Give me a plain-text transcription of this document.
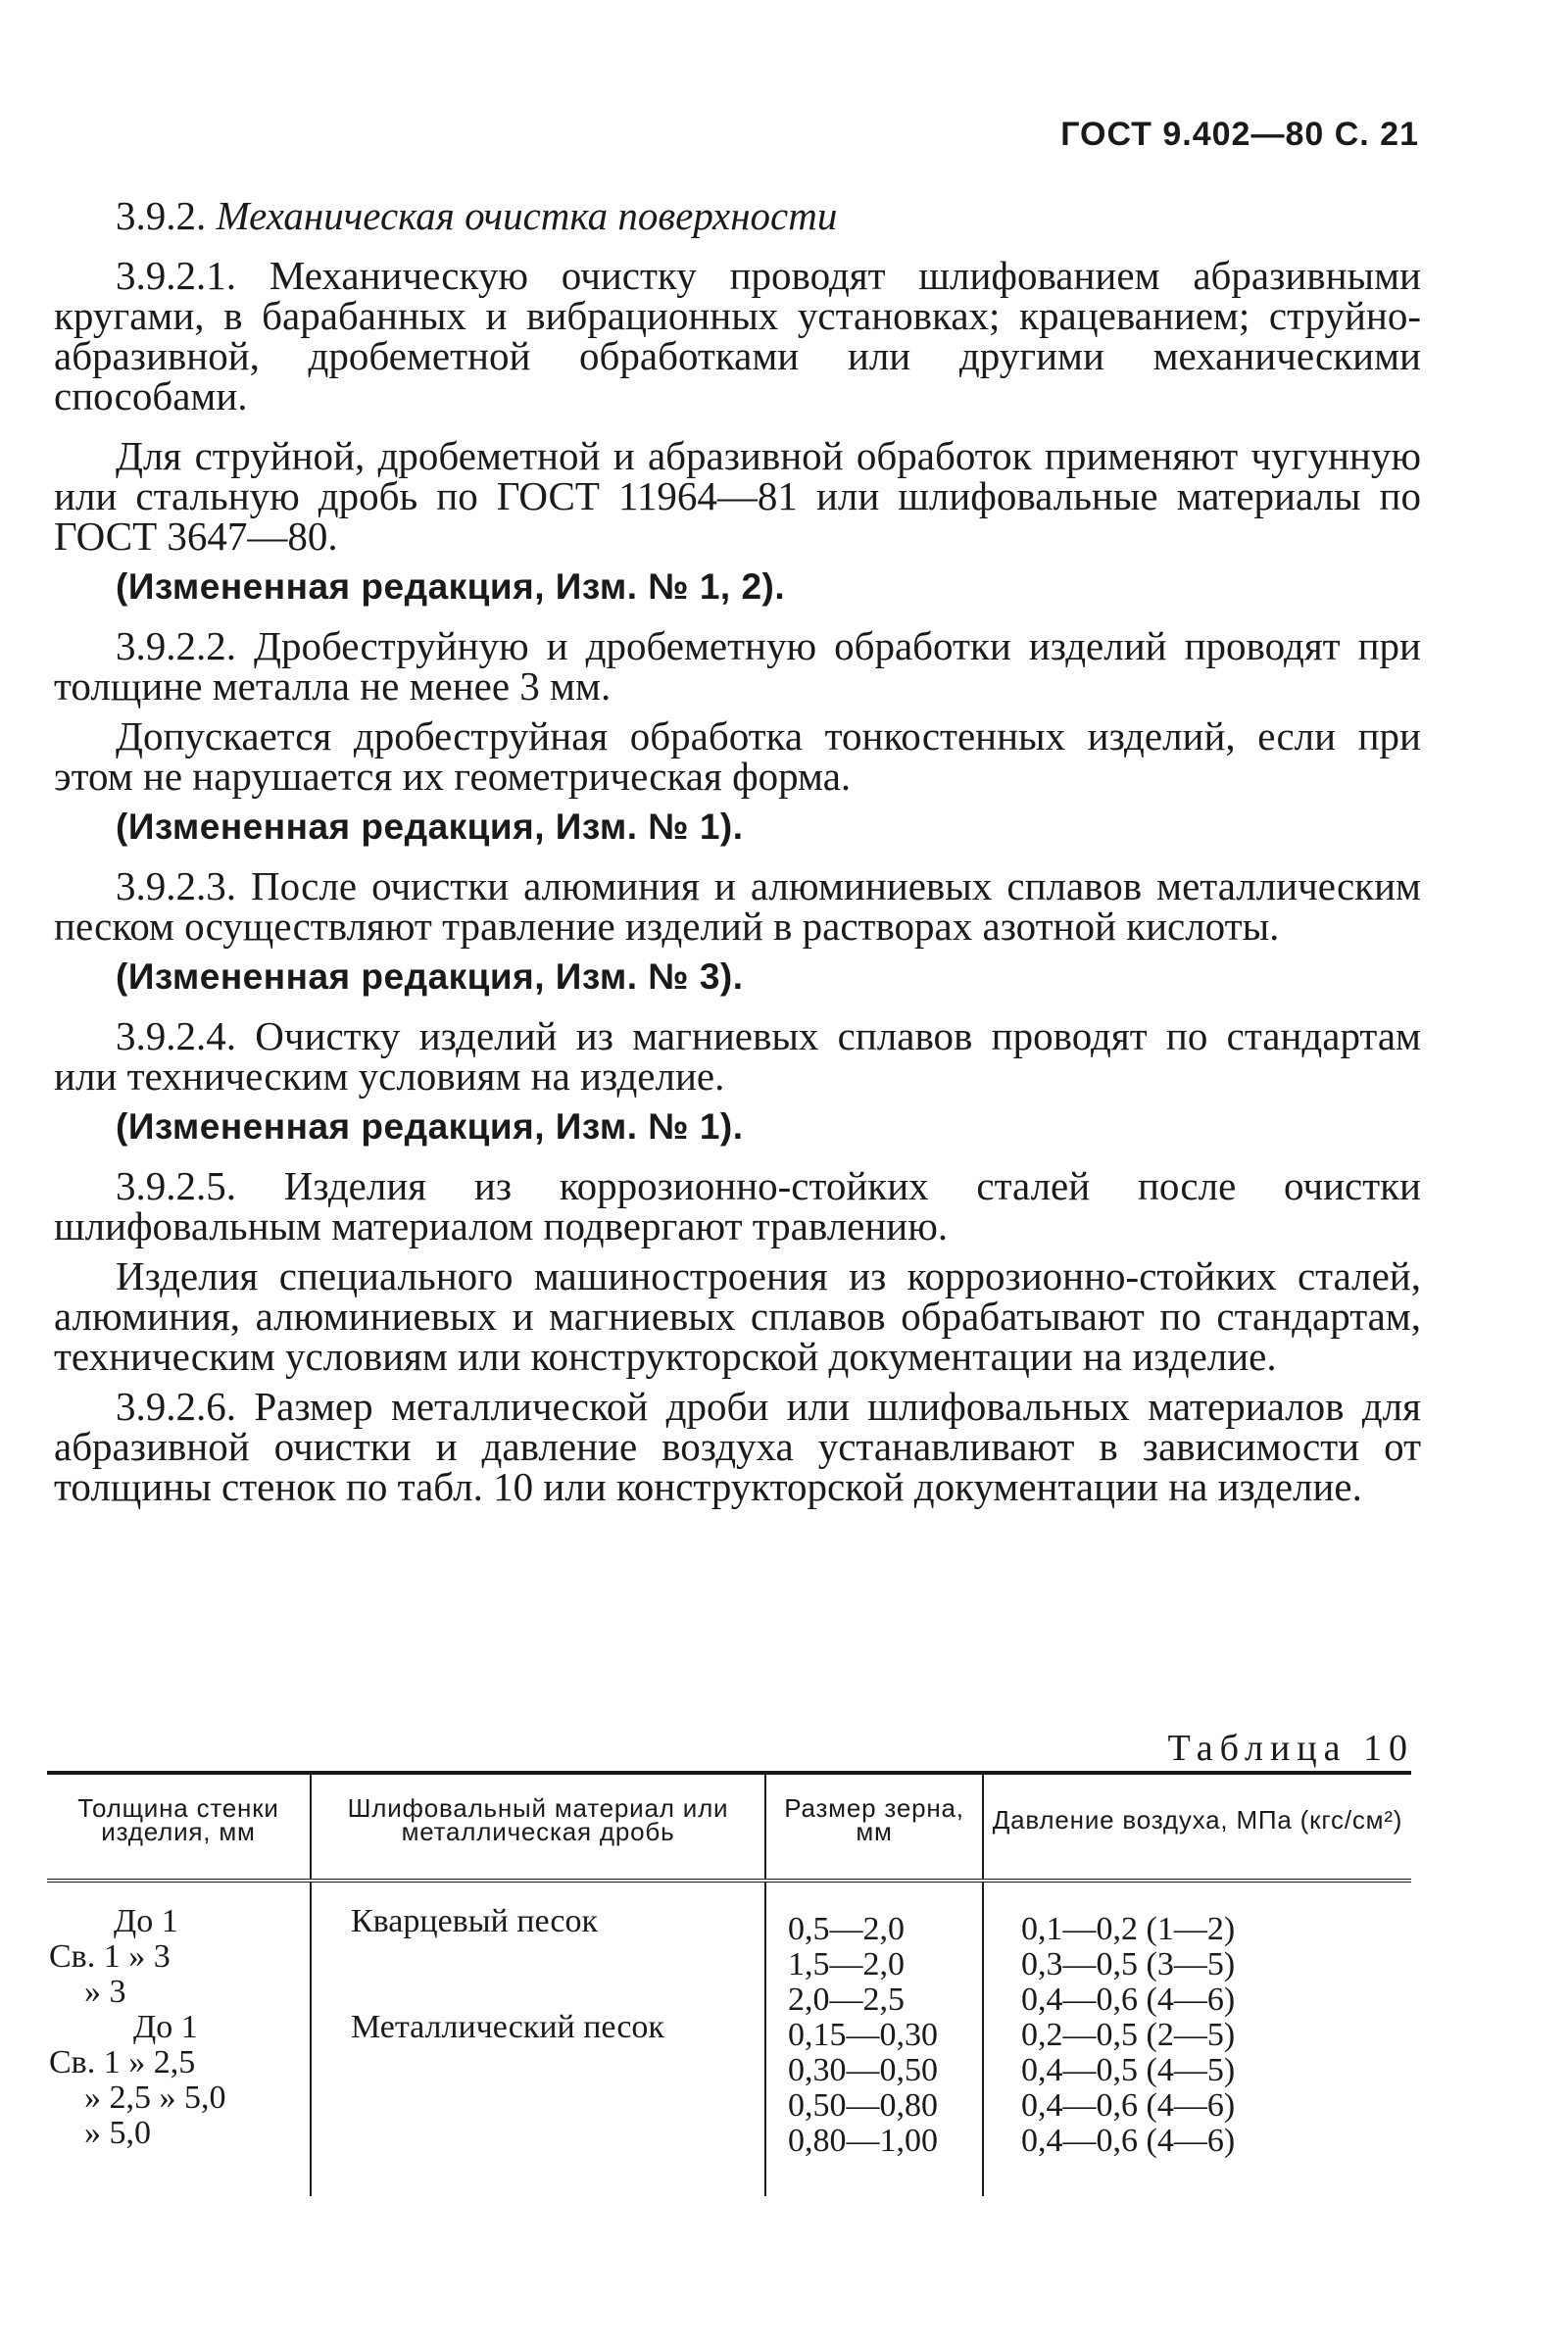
ГОСТ 9.402—80 С. 21
3.9.2. Механическая очистка поверхности

3.9.2.1. Механическую очистку проводят шлифованием абразивными кругами, в барабанных и вибрационных установках; крацеванием; струйно-абразивной, дробеметной обработками или другими механическими способами.

Для струйной, дробеметной и абразивной обработок применяют чугунную или стальную дробь по ГОСТ 11964—81 или шлифовальные материалы по ГОСТ 3647—80.

(Измененная редакция, Изм. № 1, 2).

3.9.2.2. Дробеструйную и дробеметную обработки изделий проводят при толщине металла не менее 3 мм.

Допускается дробеструйная обработка тонкостенных изделий, если при этом не нарушается их геометрическая форма.

(Измененная редакция, Изм. № 1).

3.9.2.3. После очистки алюминия и алюминиевых сплавов металлическим песком осуществляют травление изделий в растворах азотной кислоты.

(Измененная редакция, Изм. № 3).

3.9.2.4. Очистку изделий из магниевых сплавов проводят по стандартам или техническим условиям на изделие.

(Измененная редакция, Изм. № 1).

3.9.2.5. Изделия из коррозионно-стойких сталей после очистки шлифовальным материалом подвергают травлению.

Изделия специального машиностроения из коррозионно-стойких сталей, алюминия, алюминиевых и магниевых сплавов обрабатывают по стандартам, техническим условиям или конструкторской документации на изделие.

3.9.2.6. Размер металлической дроби или шлифовальных материалов для абразивной очистки и давление воздуха устанавливают в зависимости от толщины стенок по табл. 10 или конструкторской документации на изделие.

Таблица 10
Толщина стенки изделия, мм
Шлифовальный материал или металлическая дробь
Размер зерна, мм	Давление воздуха, МПа (кгс/см²)
До 1
Св. 1 » 3
» 3
До 1
Св. 1 » 2,5
» 2,5 » 5,0
» 5,0
Кварцевый песок
Металлический песок
0,5—2,0
1,5—2,0
2,0—2,5
0,15—0,30
0,30—0,50
0,50—0,80
0,80—1,00
0,1—0,2 (1—2)
0,3—0,5 (3—5)
0,4—0,6 (4—6)
0,2—0,5 (2—5)
0,4—0,5 (4—5)
0,4—0,6 (4—6)
0,4—0,6 (4—6)
